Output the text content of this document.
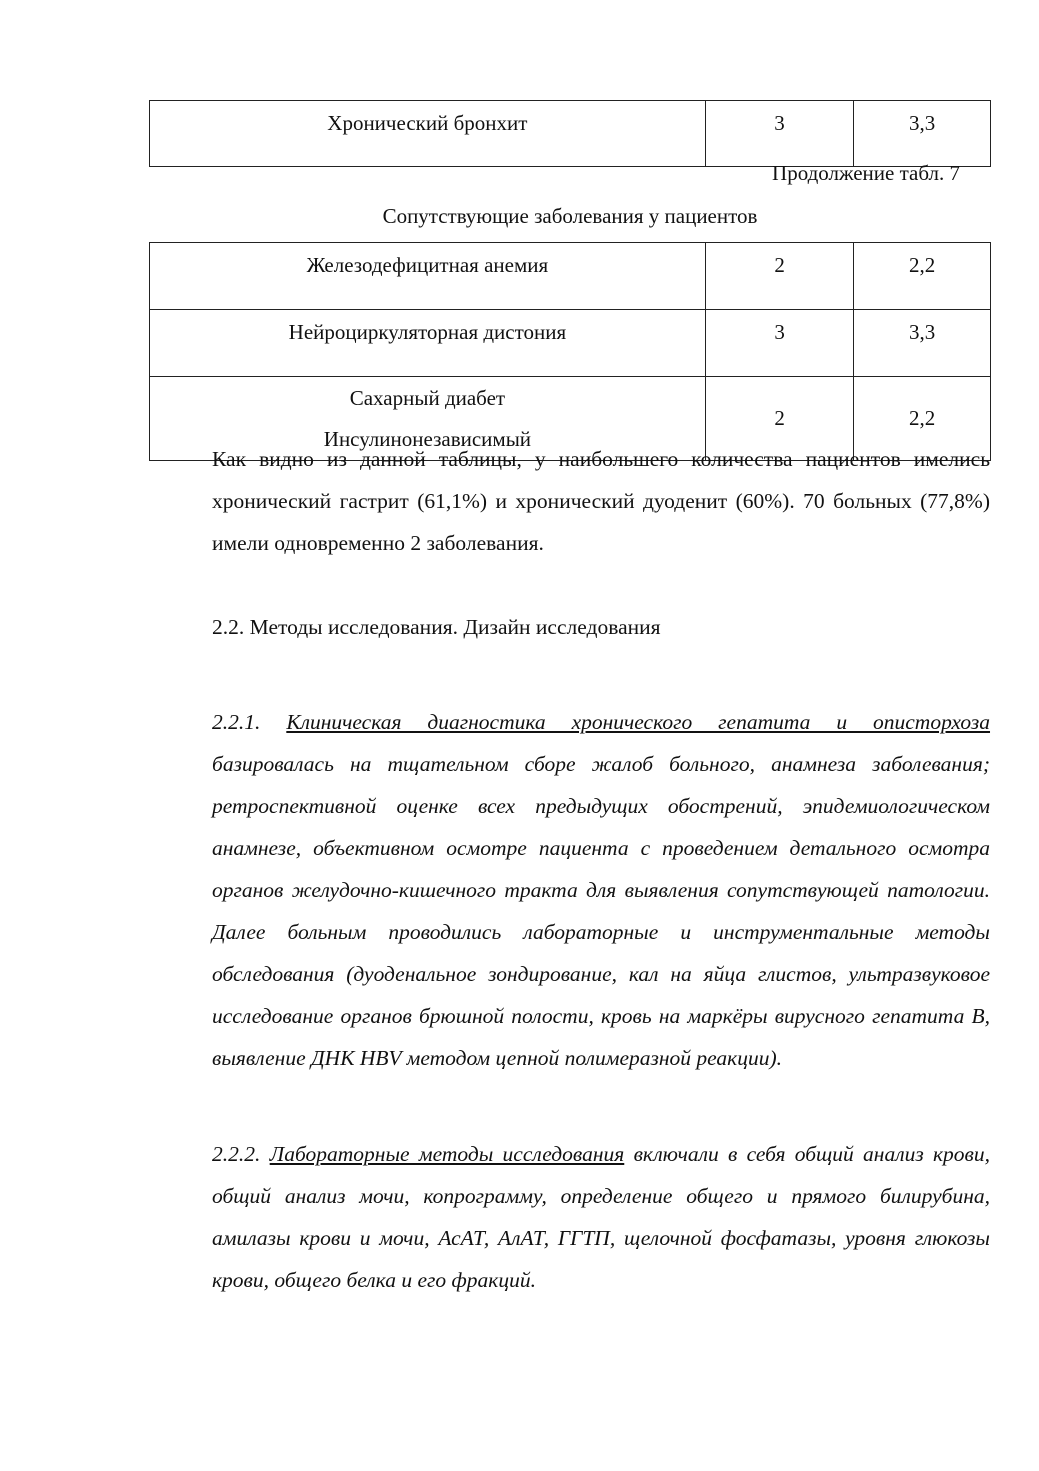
Хронический бронхит	3	3,3
Продолжение табл. 7
Сопутствующие заболевания у пациентов
Железодефицитная анемия	2	2,2
Нейроциркуляторная дистония	3	3,3
Сахарный диабет
Инсулинонезависимый	2	2,2

Как видно из данной таблицы, у наибольшего количества пациентов имелись хронический гастрит (61,1%) и хронический дуоденит (60%). 70 больных (77,8%) имели одновременно 2 заболевания.

2.2. Методы исследования. Дизайн исследования

2.2.1. Клиническая диагностика хронического гепатита и описторхоза базировалась на тщательном сборе жалоб больного, анамнеза заболевания; ретроспективной оценке всех предыдущих обострений, эпидемиологическом анамнезе, объективном осмотре пациента с проведением детального осмотра органов желудочно-кишечного тракта для выявления сопутствующей патологии. Далее больным проводились лабораторные и инструментальные методы обследования (дуоденальное зондирование, кал на яйца глистов, ультразвуковое исследование органов брюшной полости, кровь на маркёры вирусного гепатита В, выявление ДНК HBV методом цепной полимеразной реакции).

2.2.2. Лабораторные методы исследования включали в себя общий анализ крови, общий анализ мочи, копрограмму, определение общего и прямого билирубина, амилазы крови и мочи, АсАТ, АлАТ, ГГТП, щелочной фосфатазы, уровня глюкозы крови, общего белка и его фракций.
